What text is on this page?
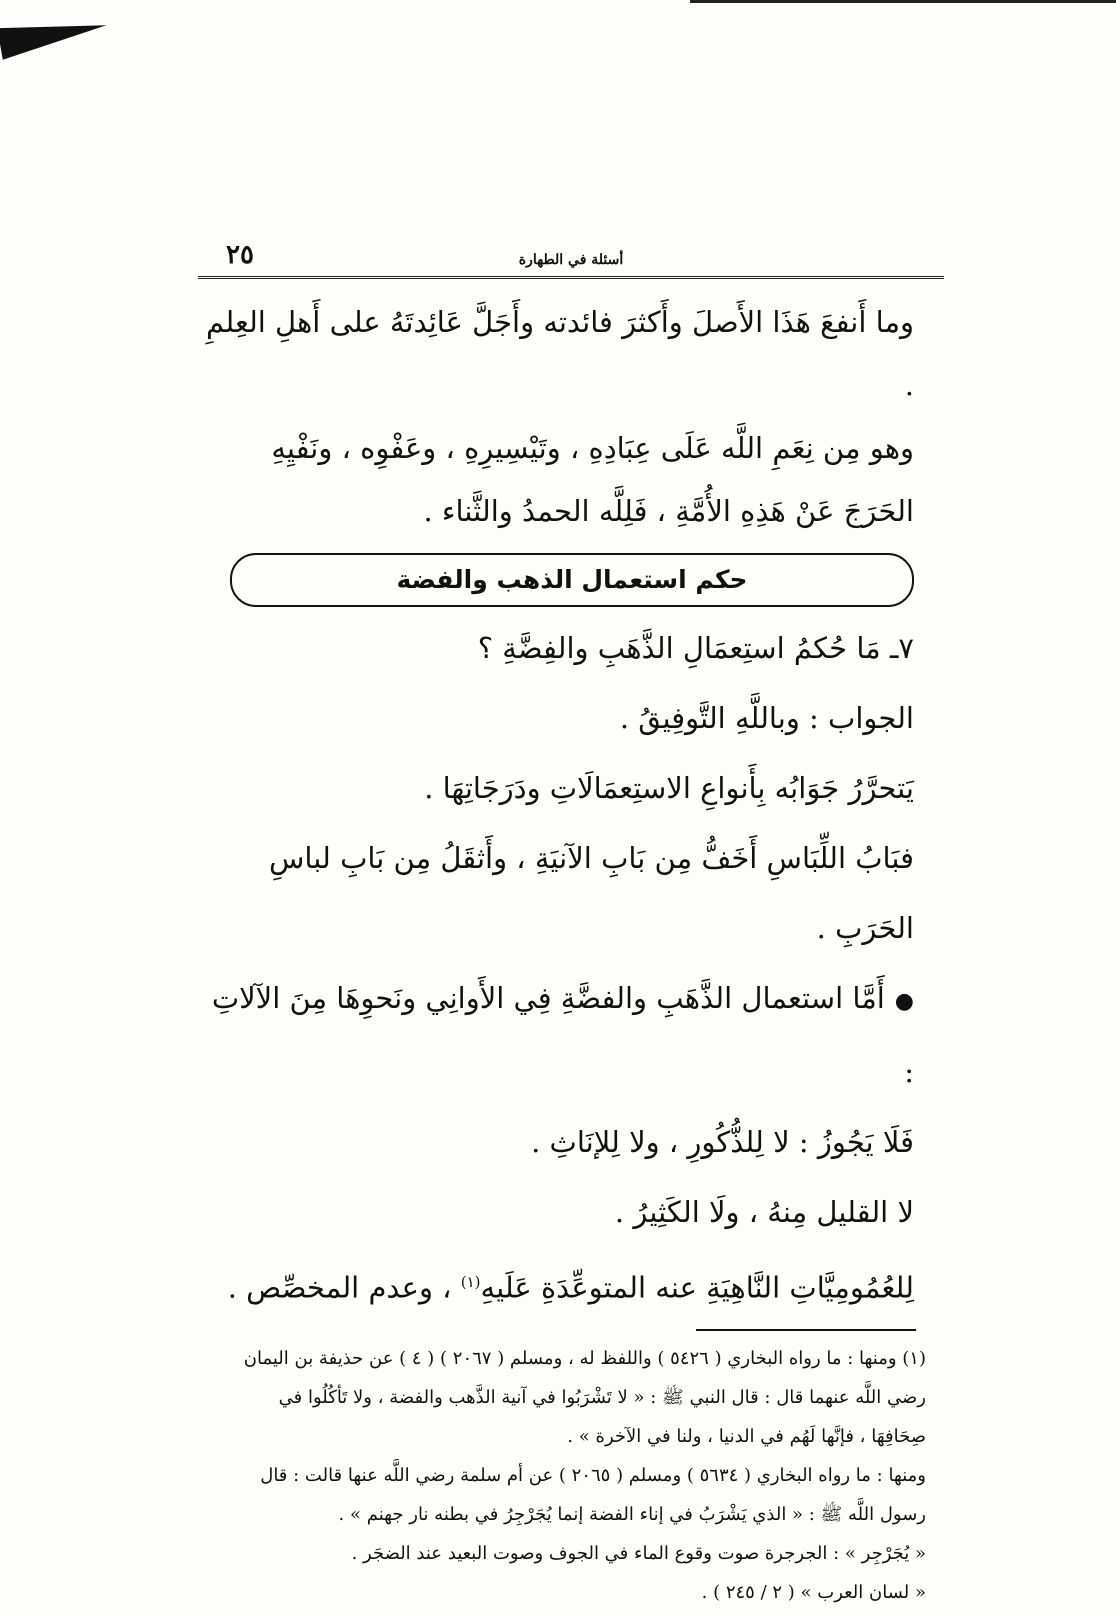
٢٥	أسئلة في الطهارة

وما أَنفعَ هَذَا الأَصلَ وأَكثرَ فائدته وأَجَلَّ عَائِدتَهُ على أَهلِ العِلمِ .

وهو مِن نِعَمِ اللَّه عَلَى عِبَادِهِ ، وتَيْسِيرِهِ ، وعَفْوِه ، ونَفْيِهِ الحَرَجَ عَنْ هَذِهِ الأُمَّةِ ، فَلِلَّه الحمدُ والثَّناء .

حكم استعمال الذهب والفضة

٧ـ مَا حُكمُ استِعمَالِ الذَّهَبِ والفِضَّةِ ؟

الجواب : وباللَّهِ التَّوفِيقُ .

يَتحرَّرُ جَوَابُه بِأَنواعِ الاستِعمَالَاتِ ودَرَجَاتِهَا .

فبَابُ اللِّبَاسِ أَخَفُّ مِن بَابِ الآنيَةِ ، وأَثقَلُ مِن بَابِ لباسِ الحَرَبِ .

●أَمَّا استعمال الذَّهَبِ والفضَّةِ فِي الأَوانِي ونَحوِهَا مِنَ الآلاتِ :

فَلَا يَجُوزُ : لا لِلذُّكُورِ ، ولا لِلإنَاثِ .

لا القليل مِنهُ ، ولَا الكَثِيرُ .

لِلعُمُومِيَّاتِ النَّاهِيَةِ عنه المتوعِّدَةِ عَلَيهِ$^{(١)}$ ، وعدم المخصِّص .

(١) ومنها : ما رواه البخاري ( ٥٤٢٦ ) واللفظ له ، ومسلم ( ٢٠٦٧ ) ( ٤ ) عن حذيفة بن اليمان

رضي اللَّه عنهما قال : قال النبي ﷺ : « لا تَشْرَبُوا في آنية الذَّهب والفضة ، ولا تَأكُلُوا في

صِحَافِهَا ، فإنَّها لَهُم في الدنيا ، ولنا في الآخرة » .

ومنها : ما رواه البخاري ( ٥٦٣٤ ) ومسلم ( ٢٠٦٥ ) عن أم سلمة رضي اللَّه عنها قالت : قال

رسول اللَّه ﷺ : « الذي يَشْرَبُ في إناء الفضة إنما يُجَرْجِرُ في بطنه نار جهنم » .

« يُجَرْجِر » : الجرجرة صوت وقوع الماء في الجوف وصوت البعيد عند الضجَر .

« لسان العرب » ( ٢ / ٢٤٥ ) .
